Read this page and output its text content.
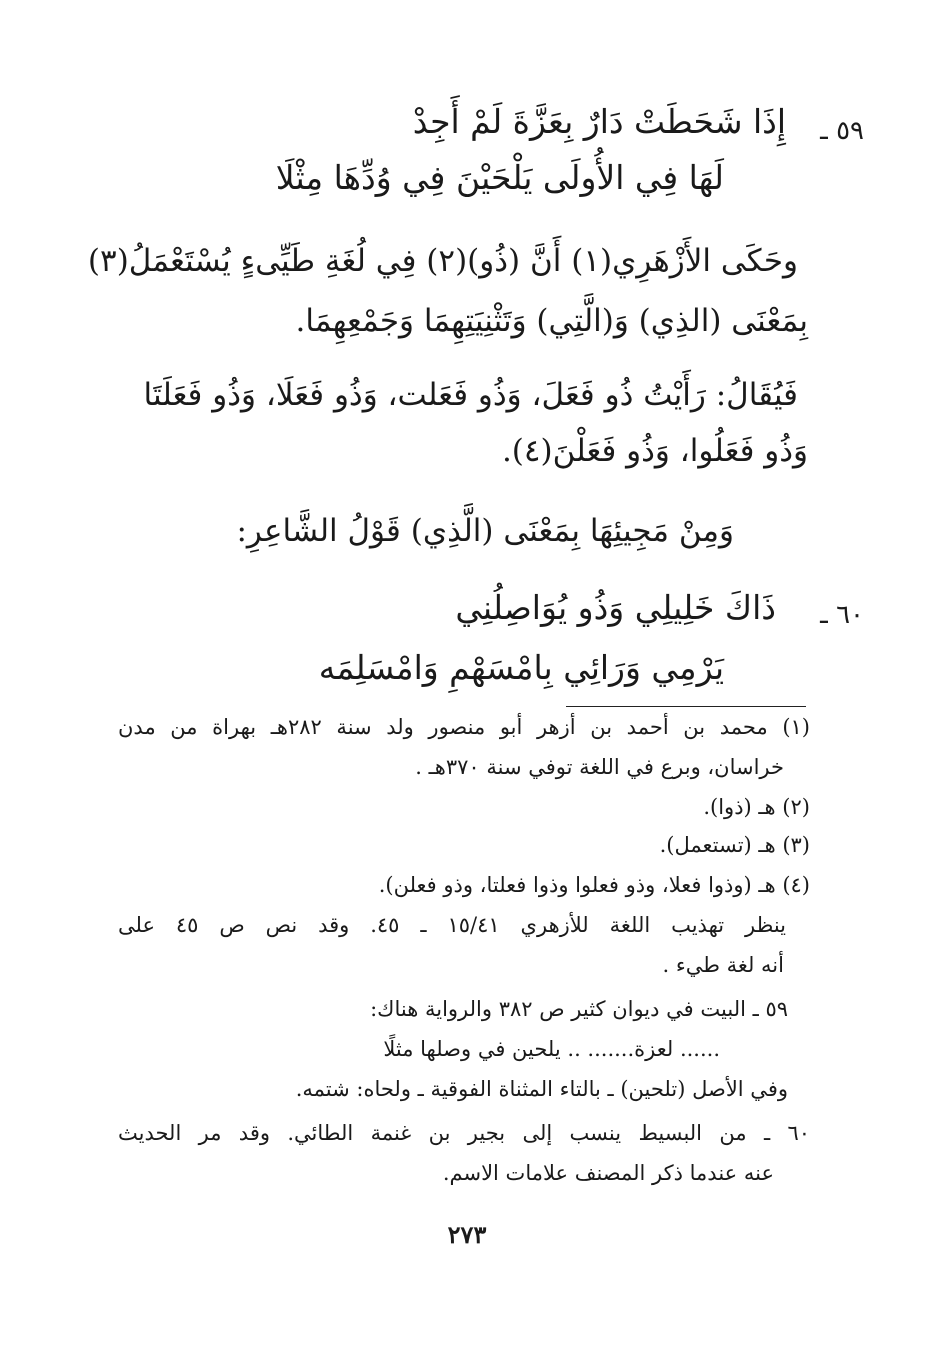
٥٩ ـ
إِذَا شَحَطَتْ دَارٌ بِعَزَّةَ لَمْ أَجِدْ
لَهَا فِي الأُولَى يَلْحَيْنَ فِي وُدِّهَا مِثْلَا
وحَكَى الأَزْهَرِي(١) أَنَّ (ذُو)(٢) فِي لُغَةِ طَيِّىءٍ يُسْتَعْمَلُ(٣)
بِمَعْنَى (الذِي) وَ(الَّتِي) وَتَثْنِيَتِهِمَا وَجَمْعِهِمَا.
فَيُقَالُ: رَأَيْتُ ذُو فَعَلَ، وَذُو فَعَلت، وَذُو فَعَلَا، وَذُو فَعَلَتَا
وَذُو فَعَلُوا، وَذُو فَعَلْنَ(٤).
وَمِنْ مَجِيئِهَا بِمَعْنَى (الَّذِي) قَوْلُ الشَّاعِرِ:
٦٠ ـ
ذَاكَ خَلِيلِي وَذُو يُوَاصِلُنِي
يَرْمِي وَرَائِي بِامْسَهْمِ وَامْسَلِمَه
(١) محمد بن أحمد بن أزهر أبو منصور ولد سنة ٢٨٢هـ بهراة من مدن
خراسان، وبرع في اللغة توفي سنة ٣٧٠هـ .
(٢) هـ (ذوا).
(٣) هـ (تستعمل).
(٤) هـ (وذوا فعلا، وذو فعلوا وذوا فعلتا، وذو فعلن).
ينظر تهذيب اللغة للأزهري ١٥/٤١ ـ ٤٥. وقد نص ص ٤٥ على
أنه لغة طيء .
٥٩ ـ البيت في ديوان كثير ص ٣٨٢ والرواية هناك:
...... لعزة....... .. يلحين في وصلها مثلًا
وفي الأصل (تلحين) ـ بالتاء المثناة الفوقية ـ ولحاه: شتمه.
٦٠ ـ من البسيط ينسب إلى بجير بن غنمة الطائي. وقد مر الحديث
عنه عندما ذكر المصنف علامات الاسم.
٢٧٣
